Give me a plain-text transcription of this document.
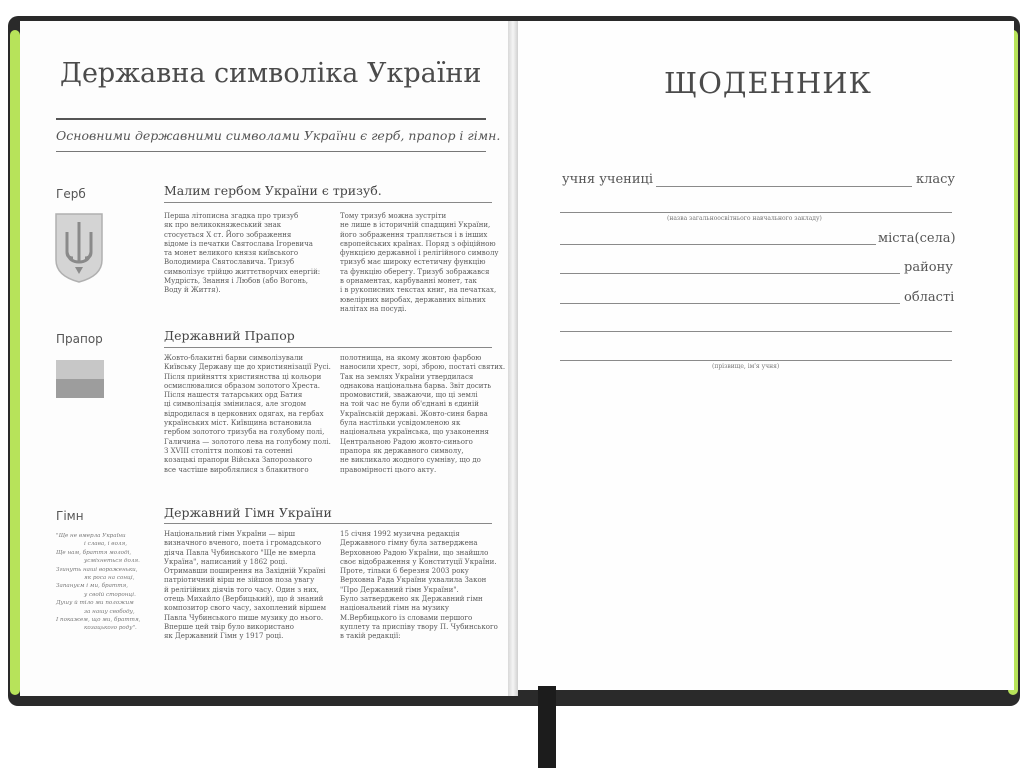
Державна символіка України
Основними державними символами України є герб, прапор і гімн.
Герб	Малим гербом України є тризуб.
Перша літописна згадка про тризуб
як про великокняжеський знак
стосується X ст. Його зображення
відоме із печатки Святослава Ігоревича
та монет великого князя київського
Володимира Святославича. Тризуб
символізує трійцю життєтворчих енергій:
Мудрість, Знання і Любов (або Вогонь,
Воду й Життя).
Тому тризуб можна зустріти
не лише в історичній спадщині України,
його зображення трапляється і в інших
європейських країнах. Поряд з офіційною
функцією державної і релігійного символу
тризуб має широку естетичну функцію
та функцію оберегу. Тризуб зображався
в орнаментах, карбуванні монет, так
і в рукописних текстах книг, на печатках,
ювелірних виробах, державних вільних
налітах на посуді.
Прапор	Державний Прапор
Жовто-блакитні барви символізували
Київську Державу ще до християнізації Русі.
Після прийняття християнства ці кольори
осмислювалися образом золотого Хреста.
Після нашестя татарських орд Батия
ці символізація змінилася, але згодом
відродилася в церковних одягах, на гербах
українських міст. Київщина встановила
гербом золотого тризуба на голубому полі,
Галичина — золотого лева на голубому полі.
З XVIII століття полкові та сотенні
козацькі прапори Війська Запорозького
все частіше вироблялися з блакитного
полотнища, на якому жовтою фарбою
наносили хрест, зорі, зброю, постаті святих.
Так на землях України утвердилася
однакова національна барва. Звіт досить
промовистий, зважаючи, що ці землі
на той час не були об'єднані в єдиній
Українській державі. Жовто-синя барва
була настільки усвідомленою як
національна українська, що узаконення
Центральною Радою жовто-синього
прапора як державного символу,
не викликало жодного сумніву, що до
правомірності цього акту.
Гімн	Державний Гімн України
"Ще не вмерла України
і слава, і воля,
Ще нам, браття молоді,
усміхнеться доля.
Згинуть наші вороженьки,
як роса на сонці,
Запануєм і ми, браття,
у своїй сторонці.
Душу й тіло ми положим
за нашу свободу,
І покажем, що ми, браття,
козацького роду".
Національний гімн України — вірш
визначного вченого, поета і громадського
діяча Павла Чубинського "Ще не вмерла
Україна", написаний у 1862 році.
Отримавши поширення на Західній Україні
патріотичний вірш не зійшов поза увагу
й релігійних діячів того часу. Один з них,
отець Михайло (Вербицький), що й знаний
композитор свого часу, захоплений віршем
Павла Чубинського пише музику до нього.
Вперше цей твір було використано
як Державний Гімн у 1917 році.
15 січня 1992 музична редакція
Державного гімну була затверджена
Верховною Радою України, що знайшло
своє відображення у Конституції України.
Проте, тільки 6 березня 2003 року
Верховна Рада України ухвалила Закон
"Про Державний гімн України".
Було затверджено як Державний гімн
національний гімн на музику
М.Вербицького із словами першого
куплету та приспіву твору П. Чубинського
в такій редакції:
ЩОДЕННИК
учня учениці	класу
(назва загальноосвітнього навчального закладу)
міста(села)
району
області
(прізвище, ім'я учня)
